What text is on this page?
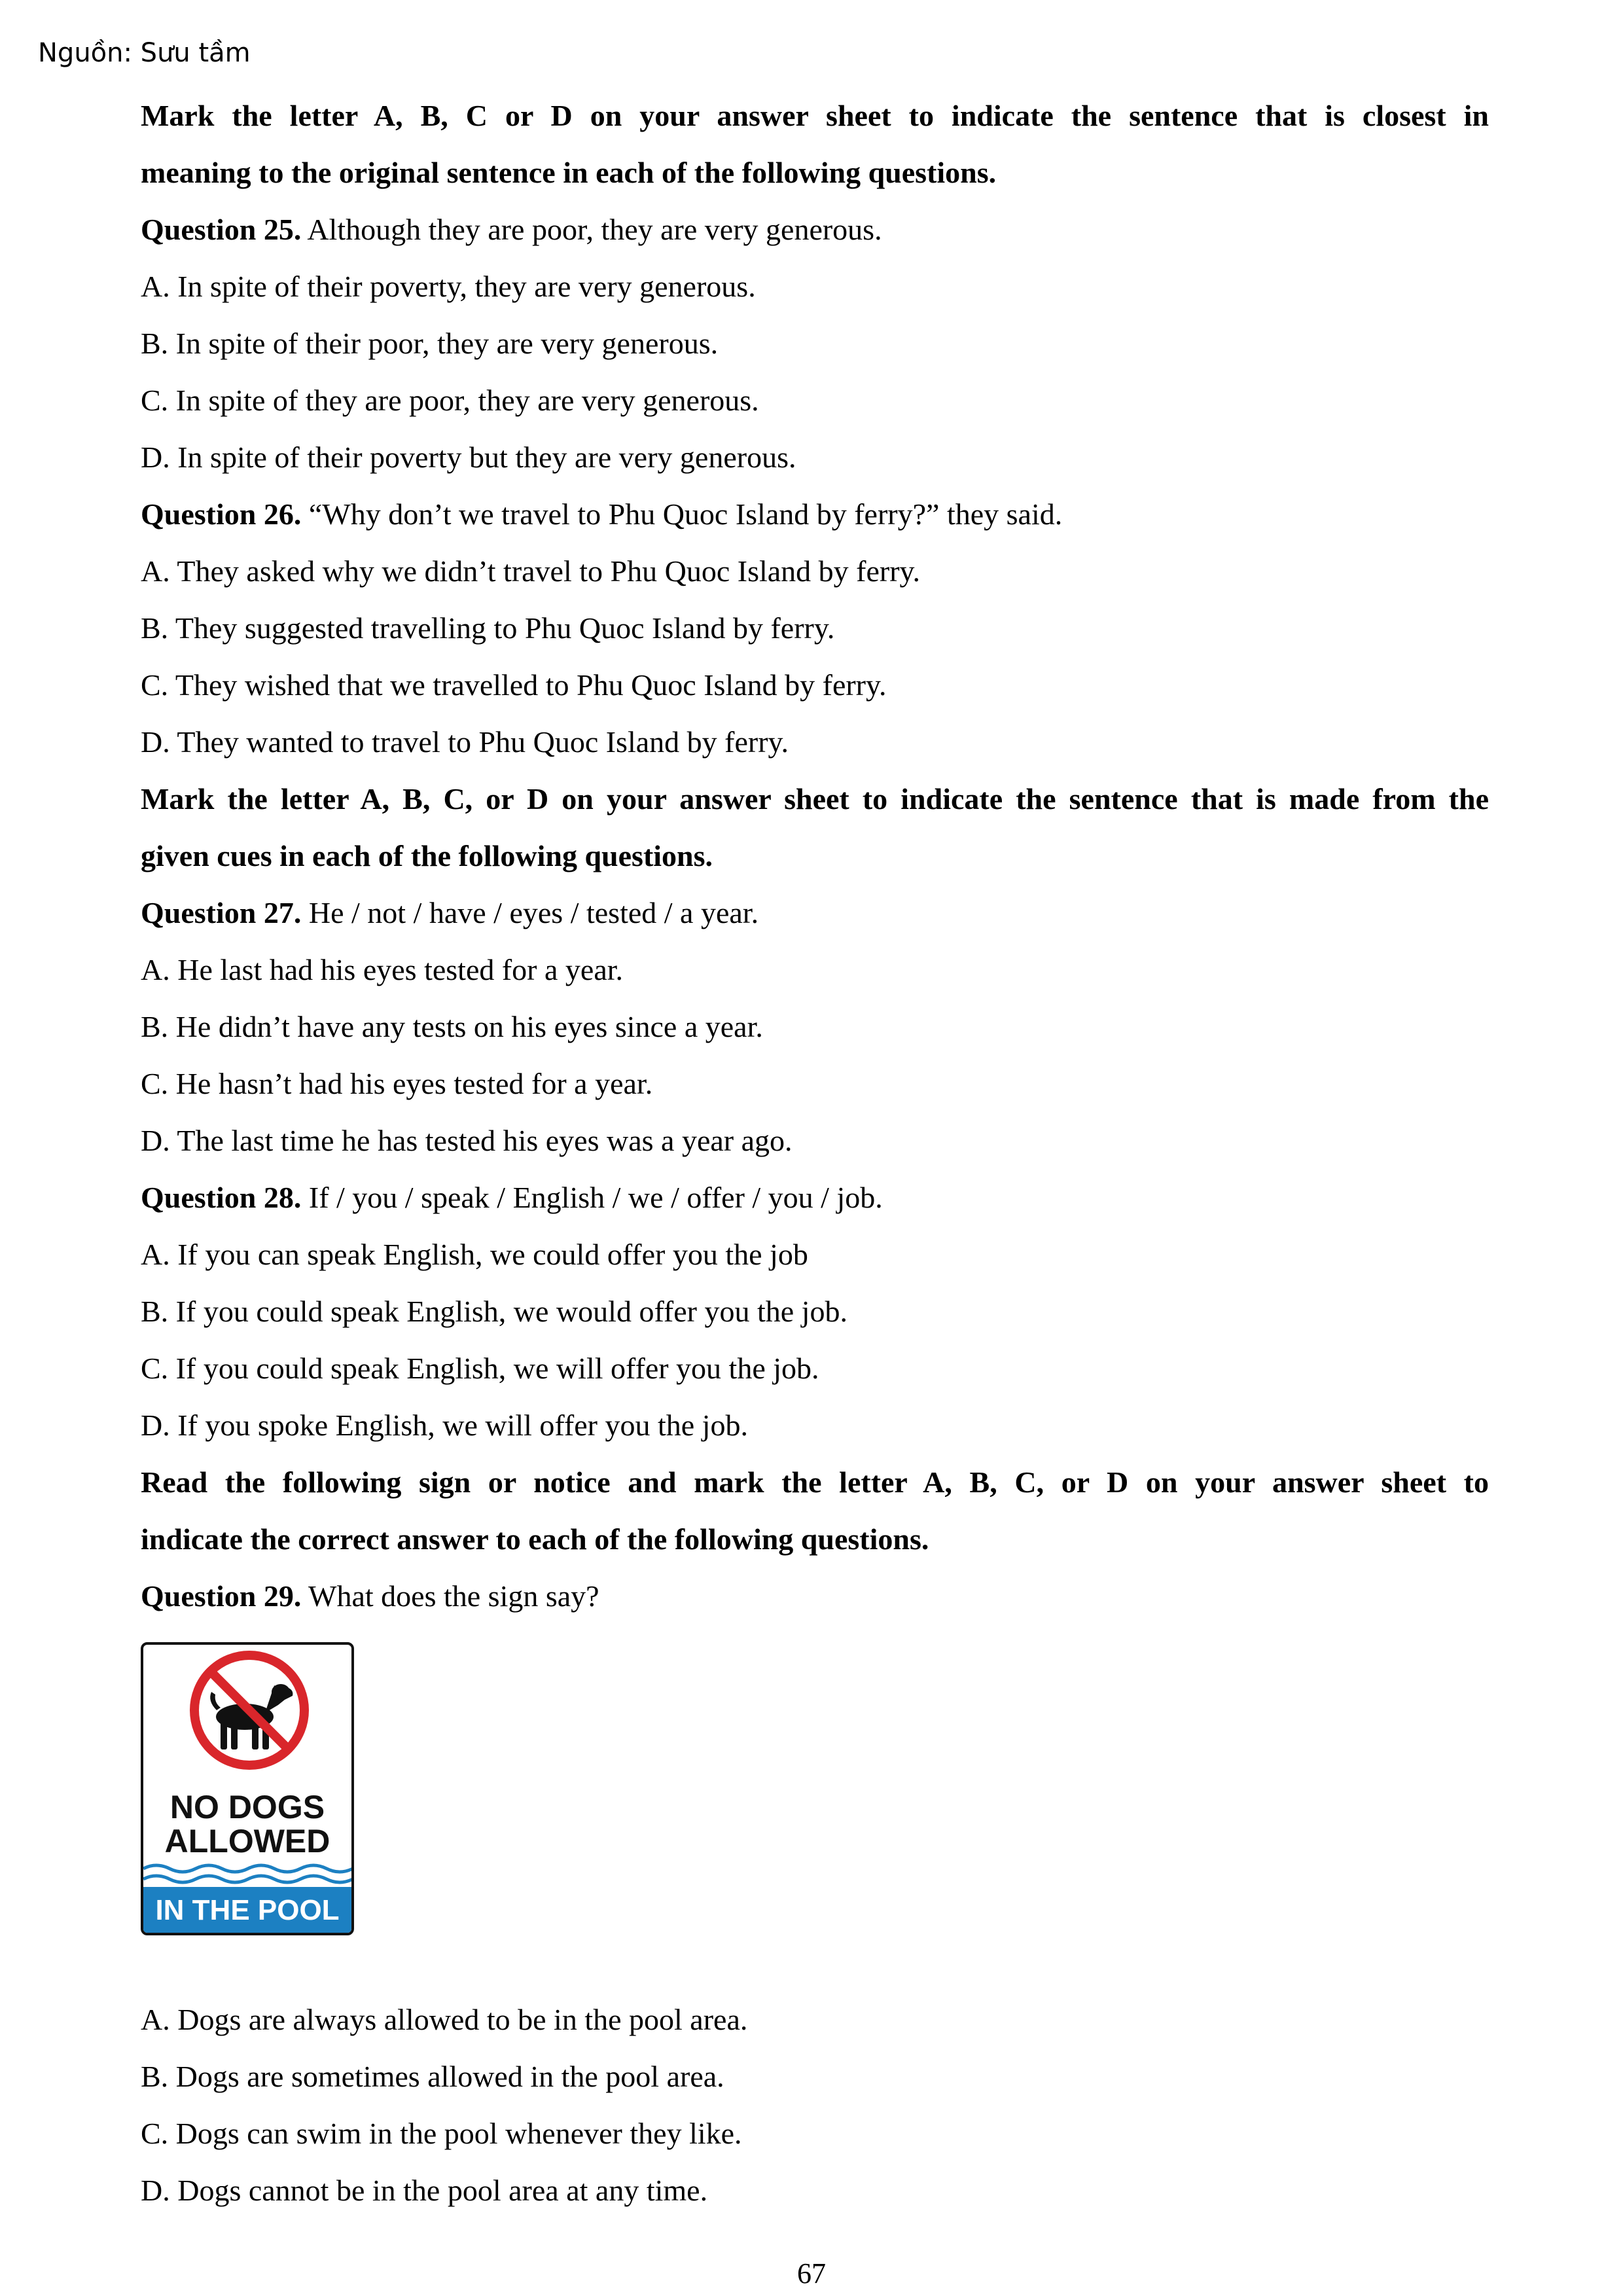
Nguồn: Sưu tầm
Mark the letter A, B, C or D on your answer sheet to indicate the sentence that is closest in
meaning to the original sentence in each of the following questions.
Question 25. Although they are poor, they are very generous.
A. In spite of their poverty, they are very generous.
B. In spite of their poor, they are very generous.
C. In spite of they are poor, they are very generous.
D. In spite of their poverty but they are very generous.
Question 26. “Why don’t we travel to Phu Quoc Island by ferry?” they said.
A. They asked why we didn’t travel to Phu Quoc Island by ferry.
B. They suggested travelling to Phu Quoc Island by ferry.
C. They wished that we travelled to Phu Quoc Island by ferry.
D. They wanted to travel to Phu Quoc Island by ferry.
Mark the letter A, B, C, or D on your answer sheet to indicate the sentence that is made from the
given cues in each of the following questions.
Question 27. He / not / have / eyes / tested / a year.
A. He last had his eyes tested for a year.
B. He didn’t have any tests on his eyes since a year.
C. He hasn’t had his eyes tested for a year.
D. The last time he has tested his eyes was a year ago.
Question 28. If / you / speak / English / we / offer / you / job.
A. If you can speak English, we could offer you the job
B. If you could speak English, we would offer you the job.
C. If you could speak English, we will offer you the job.
D. If you spoke English, we will offer you the job.
Read the following sign or notice and mark the letter A, B, C, or D on your answer sheet to
indicate the correct answer to each of the following questions.
Question 29. What does the sign say?
NO DOGS
ALLOWED
IN THE POOL
A. Dogs are always allowed to be in the pool area.
B. Dogs are sometimes allowed in the pool area.
C. Dogs can swim in the pool whenever they like.
D. Dogs cannot be in the pool area at any time.
67
